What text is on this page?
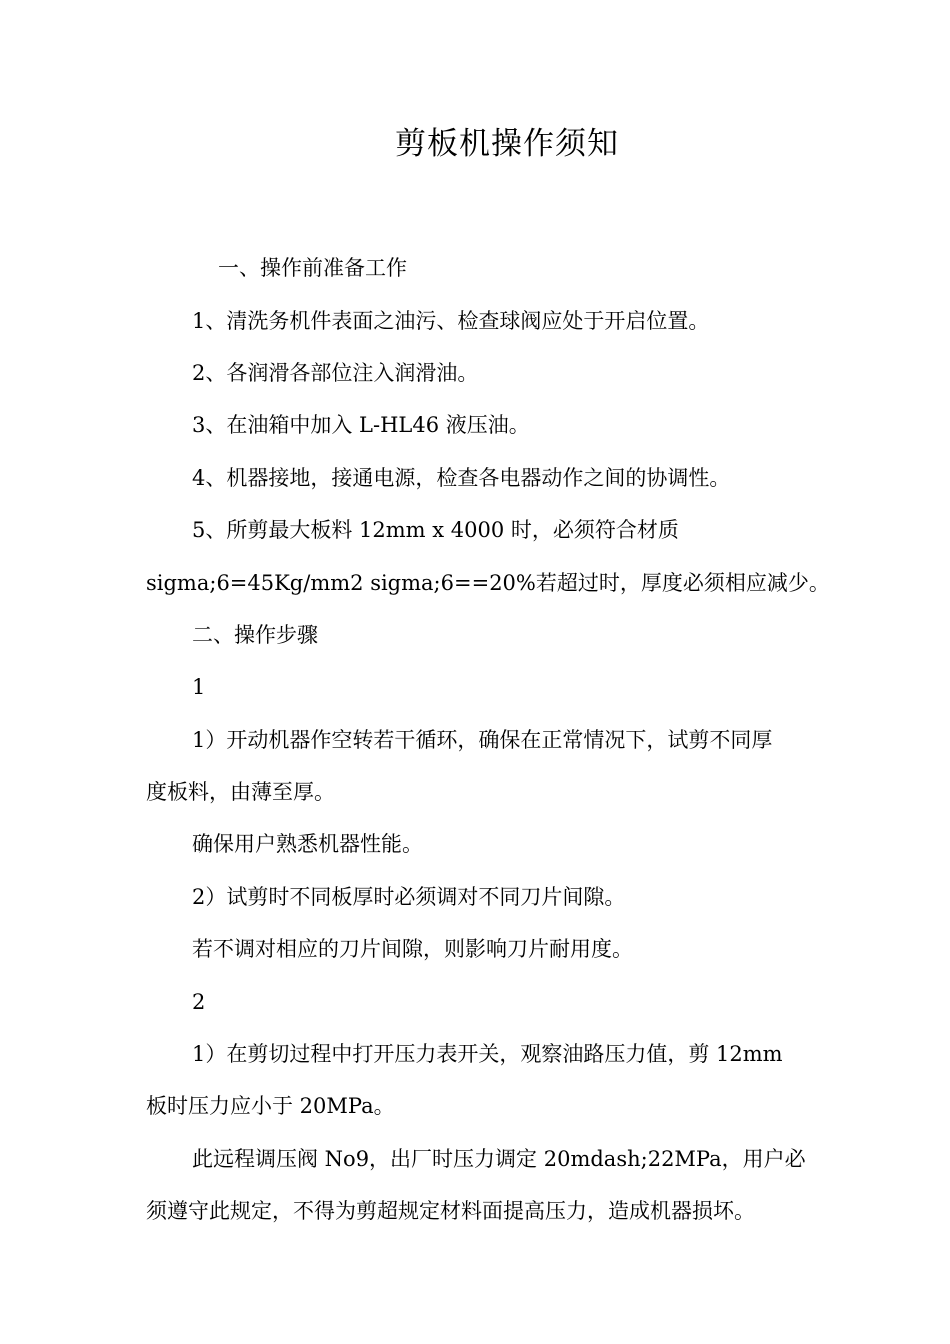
剪板机操作须知
一、操作前准备工作
1、清洗务机件表面之油污、检查球阀应处于开启位置。
2、各润滑各部位注入润滑油。
3、在油箱中加入 L-HL46 液压油。
4、机器接地，接通电源，检查各电器动作之间的协调性。
5、所剪最大板料 12mm x 4000 时，必须符合材质
sigma;6=45Kg/mm2 sigma;6==20%若超过时，厚度必须相应减少。
二、操作步骤
1
1）开动机器作空转若干循环，确保在正常情况下，试剪不同厚
度板料，由薄至厚。
确保用户熟悉机器性能。
2）试剪时不同板厚时必须调对不同刀片间隙。
若不调对相应的刀片间隙，则影响刀片耐用度。
2
1）在剪切过程中打开压力表开关，观察油路压力值，剪 12mm
板时压力应小于 20MPa。
此远程调压阀 No9，出厂时压力调定 20mdash;22MPa，用户必
须遵守此规定，不得为剪超规定材料面提高压力，造成机器损坏。
